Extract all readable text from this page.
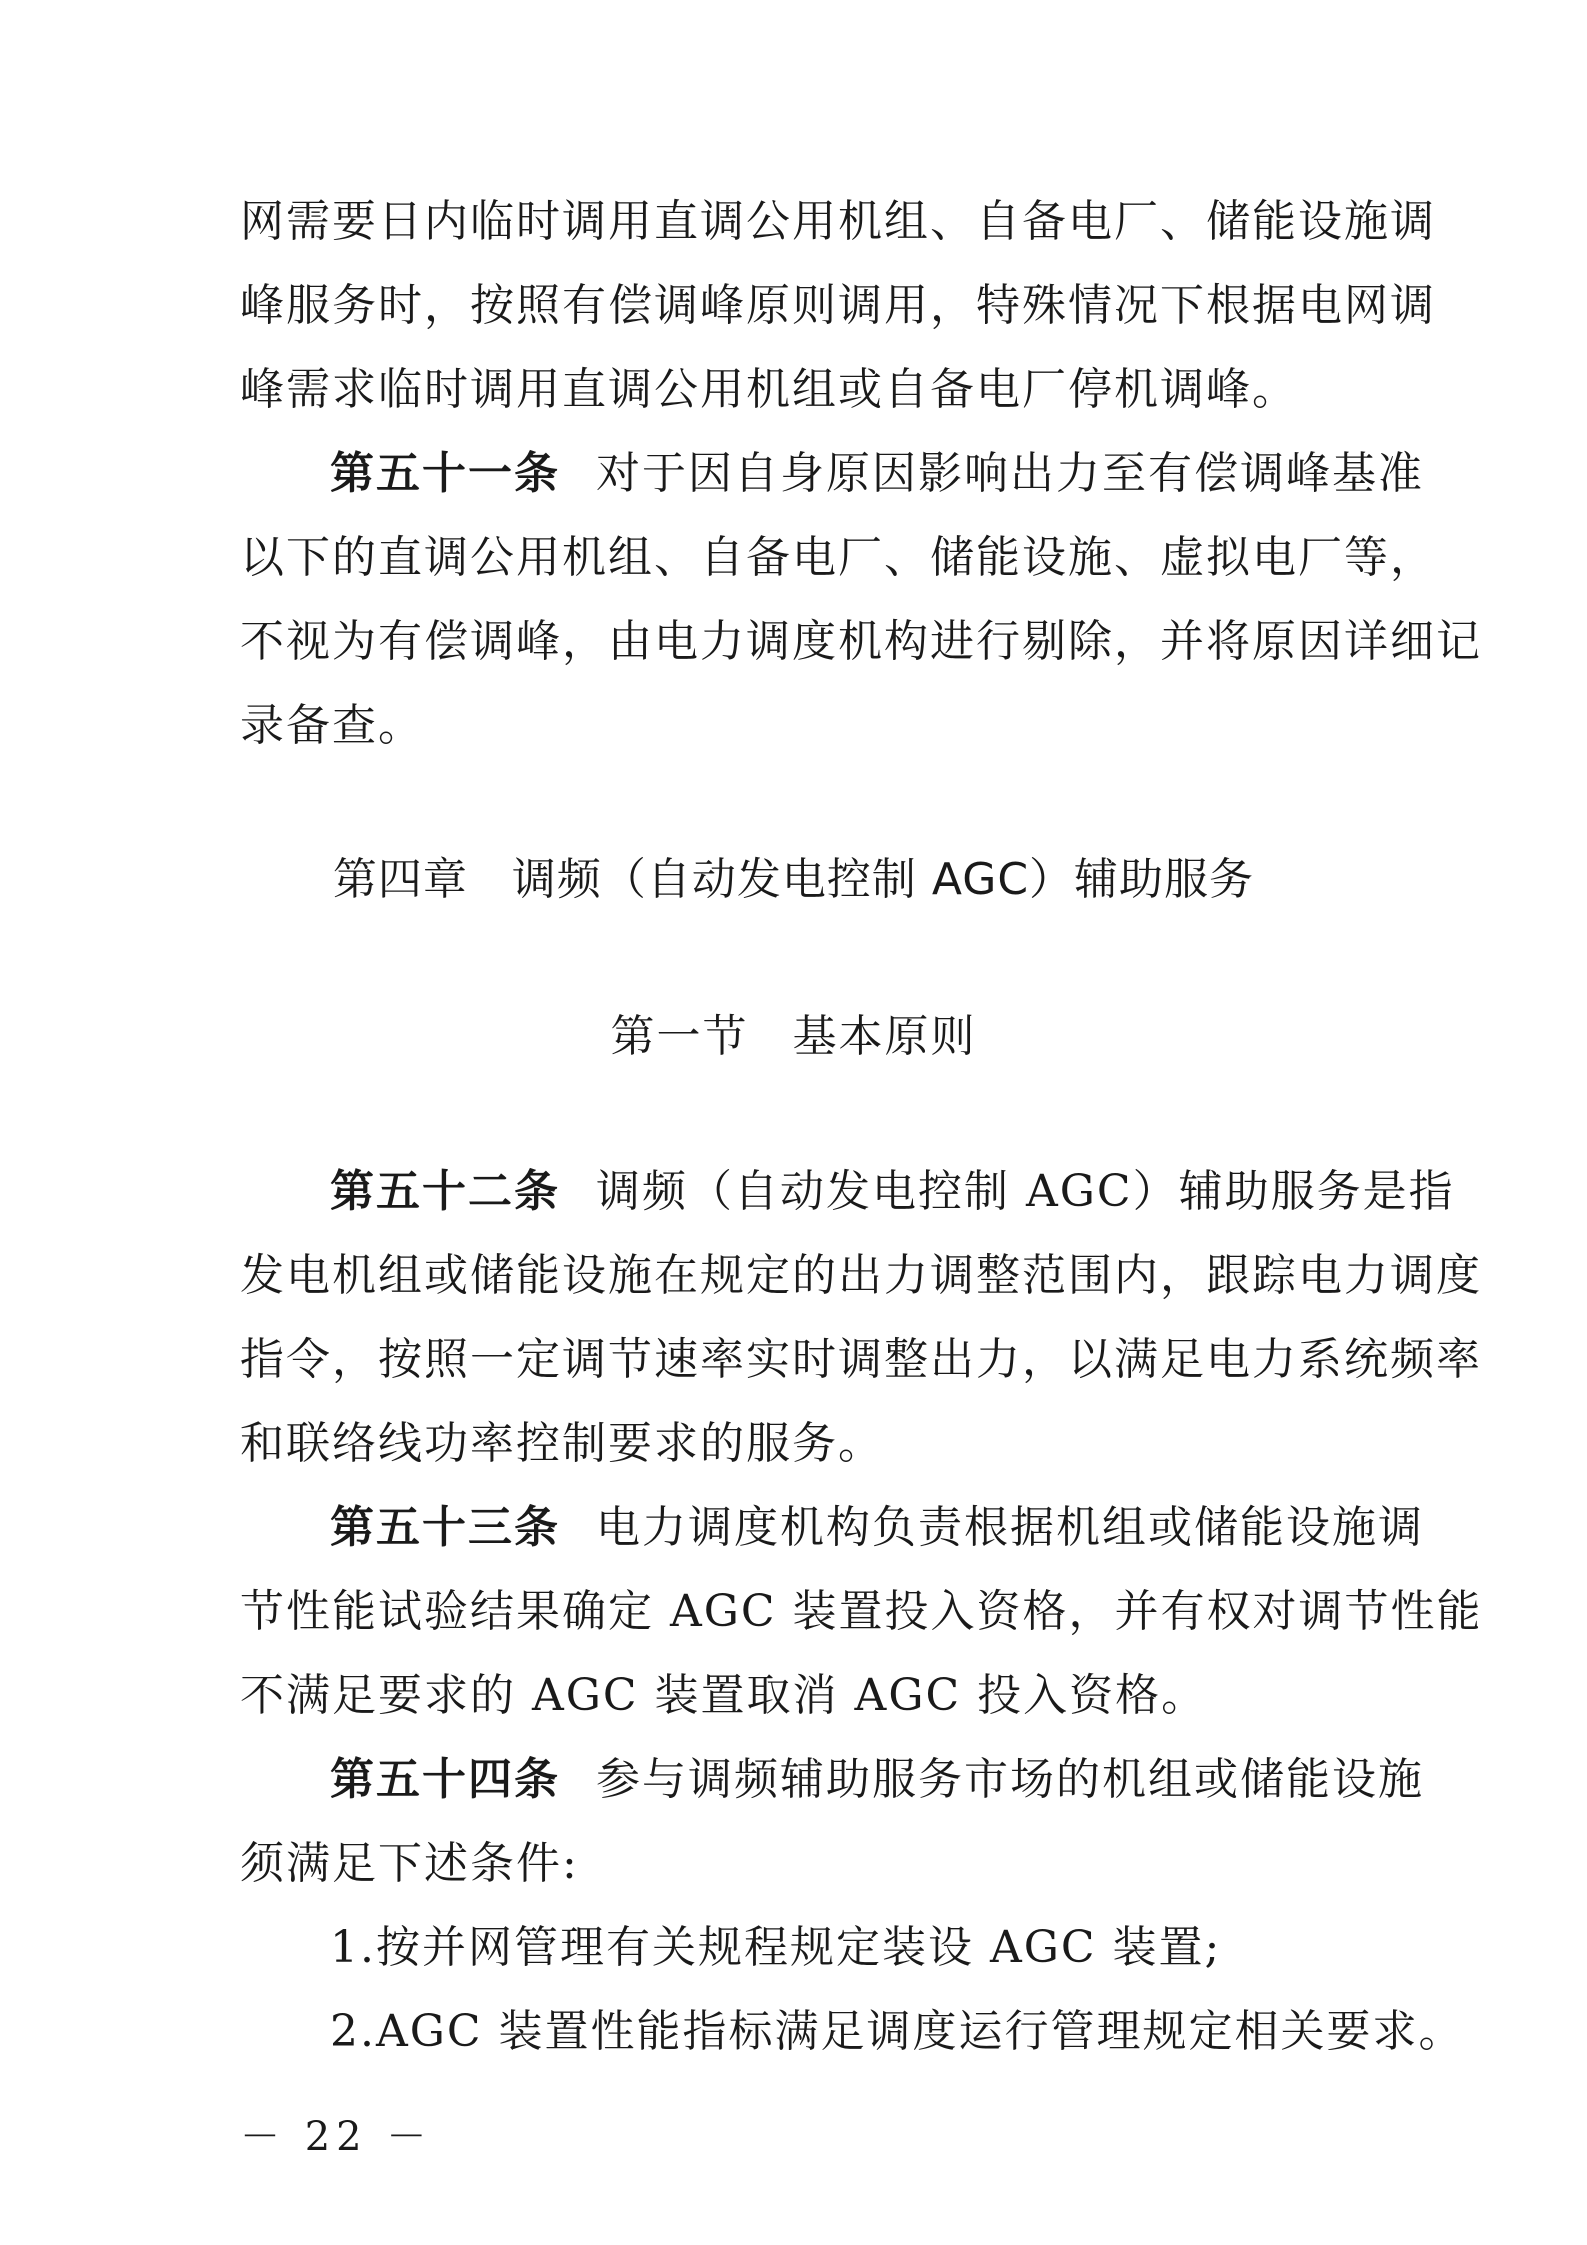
网需要日内临时调用直调公用机组、自备电厂、储能设施调
峰服务时，按照有偿调峰原则调用，特殊情况下根据电网调
峰需求临时调用直调公用机组或自备电厂停机调峰。
第五十一条 对于因自身原因影响出力至有偿调峰基准
以下的直调公用机组、自备电厂、储能设施、虚拟电厂等，
不视为有偿调峰，由电力调度机构进行剔除，并将原因详细记
录备查。
第四章 调频（自动发电控制 AGC）辅助服务
第一节 基本原则
第五十二条 调频（自动发电控制 AGC）辅助服务是指
发电机组或储能设施在规定的出力调整范围内，跟踪电力调度
指令，按照一定调节速率实时调整出力，以满足电力系统频率
和联络线功率控制要求的服务。
第五十三条 电力调度机构负责根据机组或储能设施调
节性能试验结果确定 AGC 装置投入资格，并有权对调节性能
不满足要求的 AGC 装置取消 AGC 投入资格。
第五十四条 参与调频辅助服务市场的机组或储能设施
须满足下述条件:
1.按并网管理有关规程规定装设 AGC 装置;
2.AGC 装置性能指标满足调度运行管理规定相关要求。
－ 22 －
